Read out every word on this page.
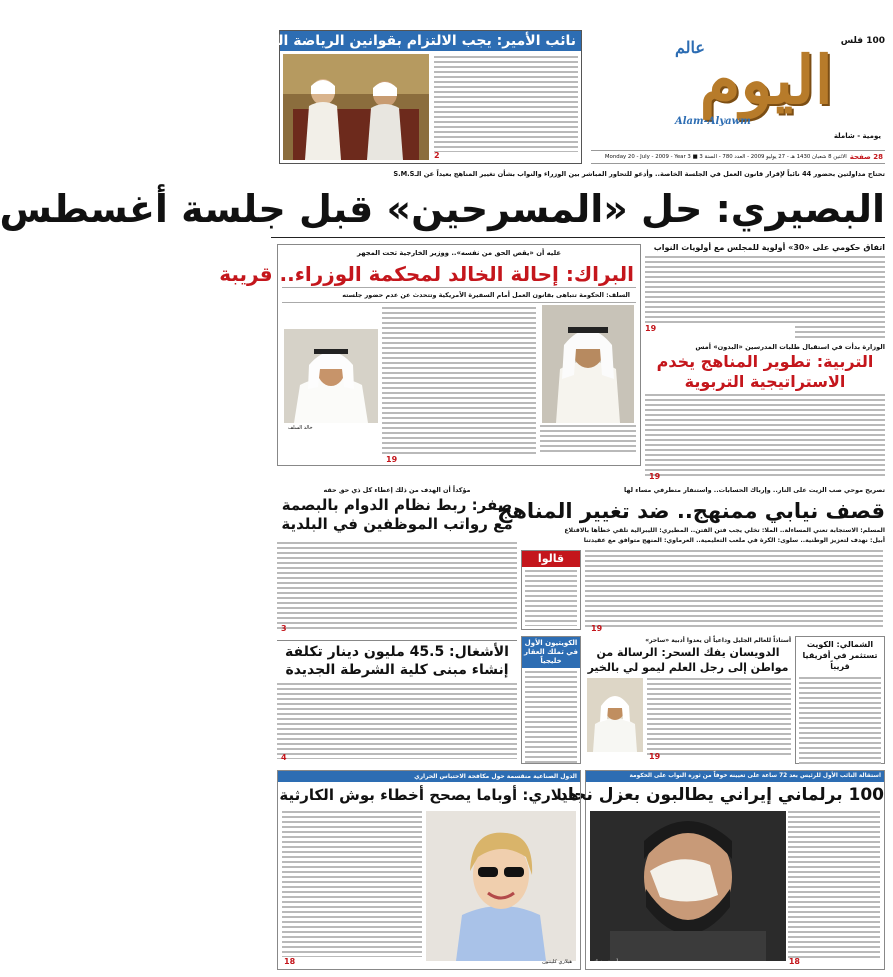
عالم
اليوم
Alam-Alyawm
100 فلس
يومية - شاملة
28 صفحة
الاثنين 8 شعبان 1430 هـ - 27 يوليو 2009 - العدد 780 - السنة 3 ■ Monday 20 - July - 2009 - Year 3
نائب الأمير: يجب الالتزام بقوانين الرياضة الدولية
2
تحتاج مداولتين بحضور 44 نائباً لإقرار قانون العمل في الجلسة الخاصة.. وأدعو للتحاور المباشر بين الوزراء والنواب بشأن تغيير المناهج بعيداً عن الـS.M.S
البصيري: حل «المسرحين» قبل جلسة أغسطس
اتفاق حكومي على «30» أولوية للمجلس مع أولويات النواب
19
عليه أن «يقص الحق من نفسه».. ووزير الخارجية تحت المجهر
البراك: إحالة الخالد لمحكمة الوزراء.. قريبة
السلف: الحكومة تتباهى بقانون العمل أمام السفيرة الأمريكية وتتحدث عن عدم حضور جلسته
خالد السلف
19
الوزارة بدأت في استقبال طلبات المدرسين «البدون» أمس
التربية: تطوير المناهج يخدم الاستراتيجية التربوية
19
تصريح موحي صب الزيت على النار.. وإرباك الحسابات.. واستنفار متطرفي مساء لها
مؤكداً أن الهدف من ذلك إعطاء كل ذي حق حقه
قصف نيابي ممنهج.. ضد تغيير المناهج
المسلم: الاستجابة تعني المساءلة.. الملا: تخلي يجب فتن الفتن.. المطيري: الليبرالية تلقي خطأها بالاقتلاع
أبيل: نهدف لتعزيز الوطنية.. سلوى: الكرة في ملعب التعليمية.. العرماوي: المنهج متوافق مع عقيدتنا
19
قالوا
صفر: ربط نظام الدوام بالبصمة مع رواتب الموظفين في البلدية
3
الأشغال: 45.5 مليون دينار تكلفة إنشاء مبنى كلية الشرطة الجديدة
4
الكويتيون الأول في تملك العقار خليجياً
أستاذاً للعالم الجليل وداعياً أن يعدوا أدبية «ساحر»
الدويسان يفك السحر: الرسالة من مواطن إلى رجل العلم ليمو لي بالخير
19
الشمالي: الكويت تستثمر في أفريقيا قريباً
استقالة النائب الأول للرئيس بعد 72 ساعة على تعيينه خوفاً من ثورة النواب على الحكومة
100 برلماني إيراني يطالبون بعزل نجاد
أحمدي نجاد	18
الدول الصناعية منقسمة حول مكافحة الاحتباس الحراري
هيلاري: أوباما يصحح أخطاء بوش الكارثية
هيلاري كلينتون
18
